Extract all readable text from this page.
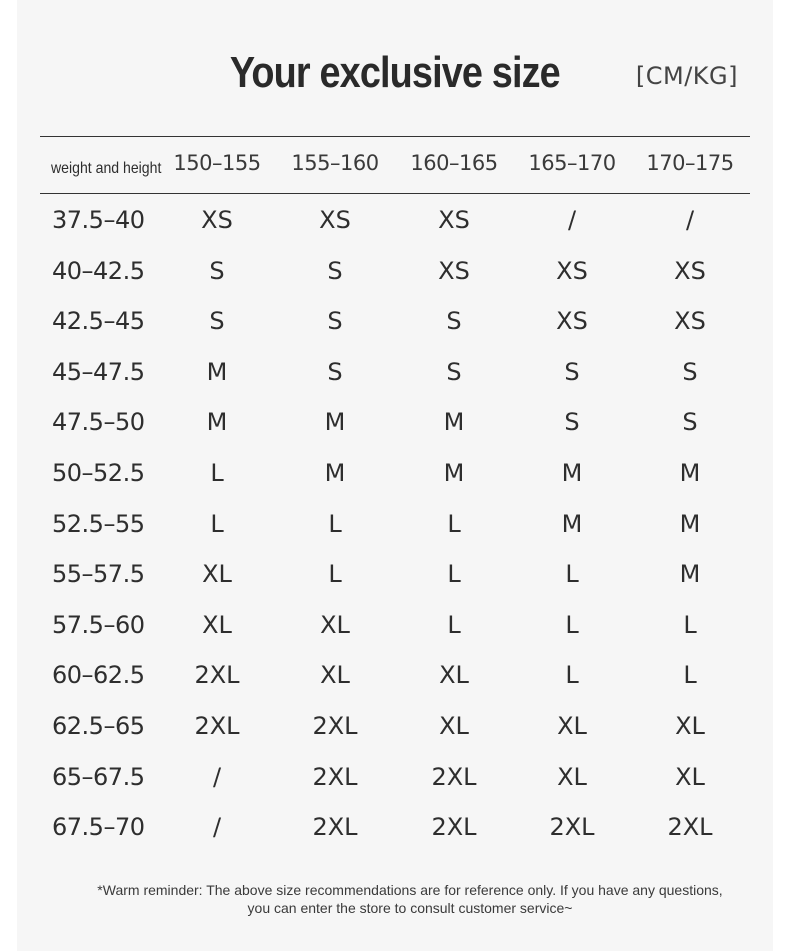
Your exclusive size	[CM/KG]
weight and height 150–155	155–160	160–165	165–170	170–175
37.5–40	XS	XS	XS	/	/
40–42.5	S	S	XS	XS	XS
42.5–45	S	S	S	XS	XS
45–47.5	M	S	S	S	S
47.5–50	M	M	M	S	S
50–52.5	L	M	M	M	M
52.5–55	L	L	L	M	M
55–57.5	XL	L	L	L	M
57.5–60	XL	XL	L	L	L
60–62.5	2XL	XL	XL	L	L
62.5–65	2XL	2XL	XL	XL	XL
65–67.5	/	2XL	2XL	XL	XL
67.5–70	/	2XL	2XL	2XL	2XL
*Warm reminder: The above size recommendations are for reference only. If you have any questions, you can enter the store to consult customer service~
